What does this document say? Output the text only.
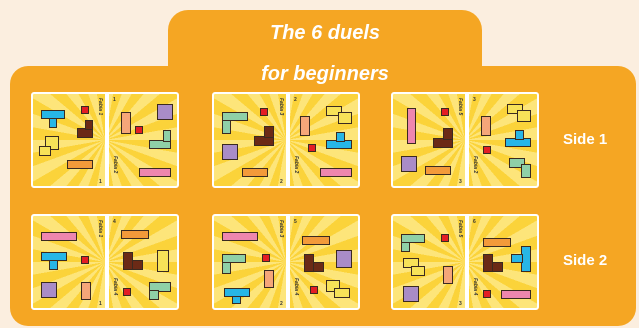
The 6 duels
for beginners
Fabia 1
Fabia 2
1
1	Fabia 3
Fabia 2
2
2	Fabia 5
Fabia 2
3
3
Fabia 1
Fabia 4
1
4	Fabia 3
Fabia 4
2
5	Fabia 5
Fabia 4
3
6
Side 1
Side 2
